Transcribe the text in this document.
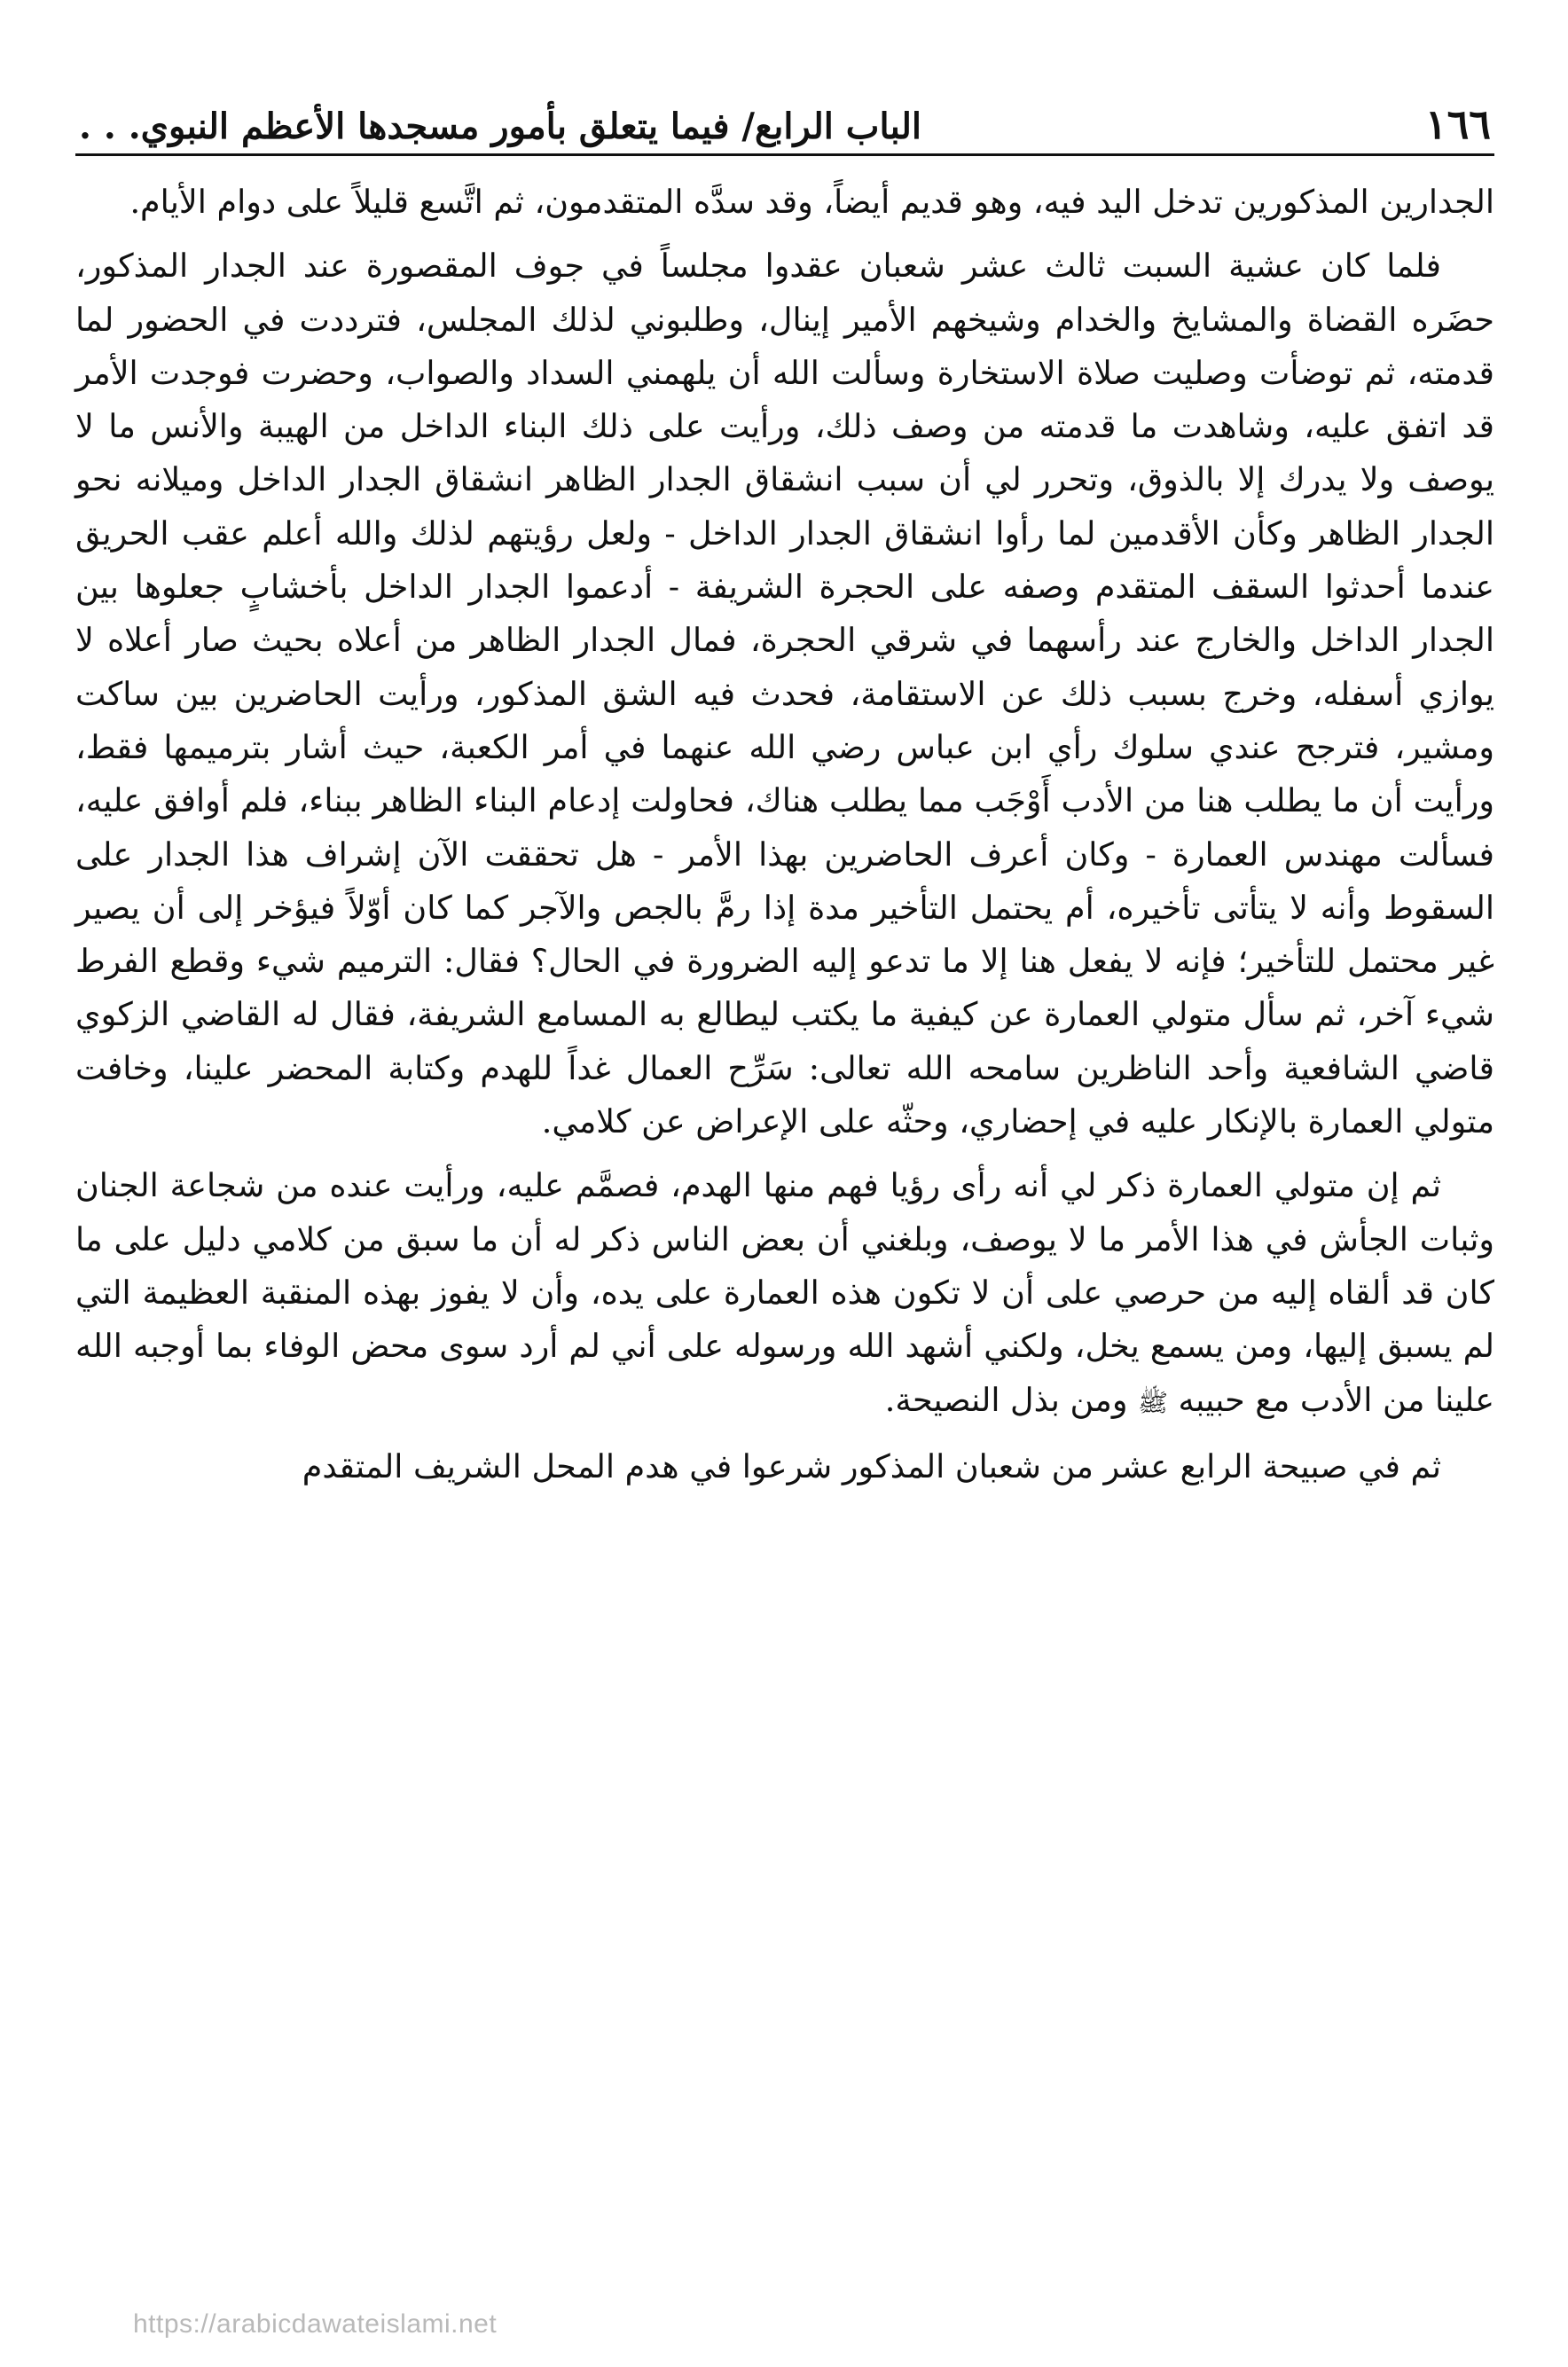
١٦٦
الباب الرابع/ فيما يتعلق بأمور مسجدها الأعظم النبوي. . .

الجدارين المذكورين تدخل اليد فيه، وهو قديم أيضاً، وقد سدَّه المتقدمون، ثم اتَّسع قليلاً على دوام الأيام.

فلما كان عشية السبت ثالث عشر شعبان عقدوا مجلساً في جوف المقصورة عند الجدار المذكور، حضَره القضاة والمشايخ والخدام وشيخهم الأمير إينال، وطلبوني لذلك المجلس، فترددت في الحضور لما قدمته، ثم توضأت وصليت صلاة الاستخارة وسألت الله أن يلهمني السداد والصواب، وحضرت فوجدت الأمر قد اتفق عليه، وشاهدت ما قدمته من وصف ذلك، ورأيت على ذلك البناء الداخل من الهيبة والأنس ما لا يوصف ولا يدرك إلا بالذوق، وتحرر لي أن سبب انشقاق الجدار الظاهر انشقاق الجدار الداخل وميلانه نحو الجدار الظاهر وكأن الأقدمين لما رأوا انشقاق الجدار الداخل - ولعل رؤيتهم لذلك والله أعلم عقب الحريق عندما أحدثوا السقف المتقدم وصفه على الحجرة الشريفة - أدعموا الجدار الداخل بأخشابٍ جعلوها بين الجدار الداخل والخارج عند رأسهما في شرقي الحجرة، فمال الجدار الظاهر من أعلاه بحيث صار أعلاه لا يوازي أسفله، وخرج بسبب ذلك عن الاستقامة، فحدث فيه الشق المذكور، ورأيت الحاضرين بين ساكت ومشير، فترجح عندي سلوك رأي ابن عباس رضي الله عنهما في أمر الكعبة، حيث أشار بترميمها فقط، ورأيت أن ما يطلب هنا من الأدب أَوْجَب مما يطلب هناك، فحاولت إدعام البناء الظاهر ببناء، فلم أوافق عليه، فسألت مهندس العمارة - وكان أعرف الحاضرين بهذا الأمر - هل تحققت الآن إشراف هذا الجدار على السقوط وأنه لا يتأتى تأخيره، أم يحتمل التأخير مدة إذا رمَّ بالجص والآجر كما كان أوّلاً فيؤخر إلى أن يصير غير محتمل للتأخير؛ فإنه لا يفعل هنا إلا ما تدعو إليه الضرورة في الحال؟ فقال: الترميم شيء وقطع الفرط شيء آخر، ثم سأل متولي العمارة عن كيفية ما يكتب ليطالع به المسامع الشريفة، فقال له القاضي الزكوي قاضي الشافعية وأحد الناظرين سامحه الله تعالى: سَرِّح العمال غداً للهدم وكتابة المحضر علينا، وخافت متولي العمارة بالإنكار عليه في إحضاري، وحثّه على الإعراض عن كلامي.

ثم إن متولي العمارة ذكر لي أنه رأى رؤيا فهم منها الهدم، فصمَّم عليه، ورأيت عنده من شجاعة الجنان وثبات الجأش في هذا الأمر ما لا يوصف، وبلغني أن بعض الناس ذكر له أن ما سبق من كلامي دليل على ما كان قد ألقاه إليه من حرصي على أن لا تكون هذه العمارة على يده، وأن لا يفوز بهذه المنقبة العظيمة التي لم يسبق إليها، ومن يسمع يخل، ولكني أشهد الله ورسوله على أني لم أرد سوى محض الوفاء بما أوجبه الله علينا من الأدب مع حبيبه ﷺ ومن بذل النصيحة.

ثم في صبيحة الرابع عشر من شعبان المذكور شرعوا في هدم المحل الشريف المتقدم

https://arabicdawateislami.net
